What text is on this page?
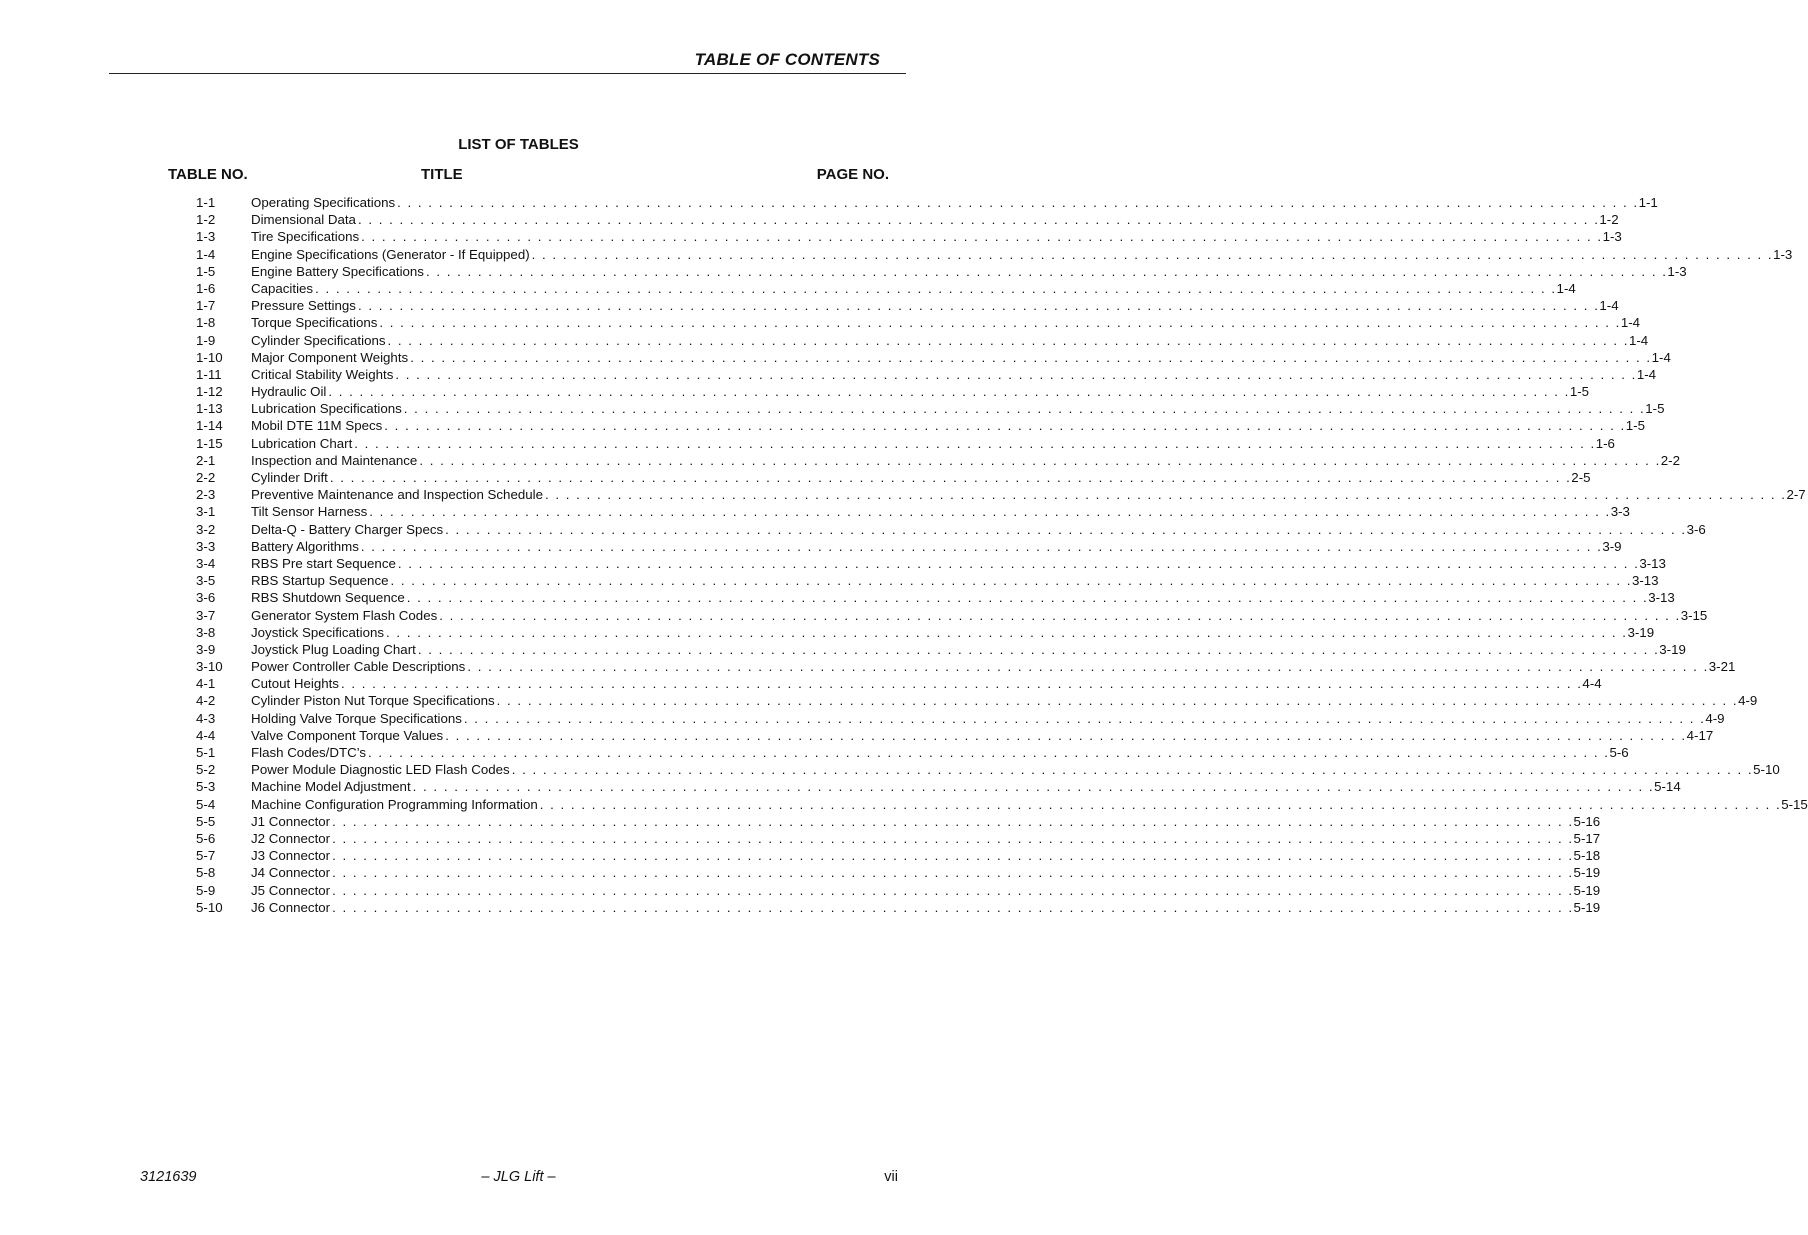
TABLE OF CONTENTS
LIST OF TABLES
TABLE NO.	TITLE	PAGE NO.
1-1	Operating Specifications . . . . . . . . . . . . . . . . . . . . . . . . . . . . . . . . . . . . . . . . . . . . . . . . . . . . . . . . . . . . . . . . . . . . . . . . . . . . . . . . . . . . . . . . . . . . . . . . . . . . . . . . . . . . . . . . . . . . . . . . 1-1
1-2	Dimensional Data . . . . . . . . . . . . . . . . . . . . . . . . . . . . . . . . . . . . . . . . . . . . . . . . . . . . . . . . . . . . . . . . . . . . . . . . . . . . . . . . . . . . . . . . . . . . . . . . . . . . . . . . . . . . . . . . . . . . . . . . 1-2
1-3	Tire Specifications . . . . . . . . . . . . . . . . . . . . . . . . . . . . . . . . . . . . . . . . . . . . . . . . . . . . . . . . . . . . . . . . . . . . . . . . . . . . . . . . . . . . . . . . . . . . . . . . . . . . . . . . . . . . . . . . . . . . . . . . 1-3
1-4	Engine Specifications (Generator - If Equipped) . . . . . . . . . . . . . . . . . . . . . . . . . . . . . . . . . . . . . . . . . . . . . . . . . . . . . . . . . . . . . . . . . . . . . . . . . . . . . . . . . . . . . . . . . . . . . . . . . . . . . . . . . . . . . . . . . . . . . . . . 1-3
1-5	Engine Battery Specifications . . . . . . . . . . . . . . . . . . . . . . . . . . . . . . . . . . . . . . . . . . . . . . . . . . . . . . . . . . . . . . . . . . . . . . . . . . . . . . . . . . . . . . . . . . . . . . . . . . . . . . . . . . . . . . . . . . . . . . . . 1-3
1-6	Capacities . . . . . . . . . . . . . . . . . . . . . . . . . . . . . . . . . . . . . . . . . . . . . . . . . . . . . . . . . . . . . . . . . . . . . . . . . . . . . . . . . . . . . . . . . . . . . . . . . . . . . . . . . . . . . . . . . . . . . . . . 1-4
1-7	Pressure Settings . . . . . . . . . . . . . . . . . . . . . . . . . . . . . . . . . . . . . . . . . . . . . . . . . . . . . . . . . . . . . . . . . . . . . . . . . . . . . . . . . . . . . . . . . . . . . . . . . . . . . . . . . . . . . . . . . . . . . . . . 1-4
1-8	Torque Specifications . . . . . . . . . . . . . . . . . . . . . . . . . . . . . . . . . . . . . . . . . . . . . . . . . . . . . . . . . . . . . . . . . . . . . . . . . . . . . . . . . . . . . . . . . . . . . . . . . . . . . . . . . . . . . . . . . . . . . . . . 1-4
1-9	Cylinder Specifications . . . . . . . . . . . . . . . . . . . . . . . . . . . . . . . . . . . . . . . . . . . . . . . . . . . . . . . . . . . . . . . . . . . . . . . . . . . . . . . . . . . . . . . . . . . . . . . . . . . . . . . . . . . . . . . . . . . . . . . . 1-4
1-10 Major Component Weights . . . . . . . . . . . . . . . . . . . . . . . . . . . . . . . . . . . . . . . . . . . . . . . . . . . . . . . . . . . . . . . . . . . . . . . . . . . . . . . . . . . . . . . . . . . . . . . . . . . . . . . . . . . . . . . . . . . . . . . . 1-4
1-11 Critical Stability Weights . . . . . . . . . . . . . . . . . . . . . . . . . . . . . . . . . . . . . . . . . . . . . . . . . . . . . . . . . . . . . . . . . . . . . . . . . . . . . . . . . . . . . . . . . . . . . . . . . . . . . . . . . . . . . . . . . . . . . . . . 1-4
1-12 Hydraulic Oil . . . . . . . . . . . . . . . . . . . . . . . . . . . . . . . . . . . . . . . . . . . . . . . . . . . . . . . . . . . . . . . . . . . . . . . . . . . . . . . . . . . . . . . . . . . . . . . . . . . . . . . . . . . . . . . . . . . . . . . . 1-5
1-13 Lubrication Specifications . . . . . . . . . . . . . . . . . . . . . . . . . . . . . . . . . . . . . . . . . . . . . . . . . . . . . . . . . . . . . . . . . . . . . . . . . . . . . . . . . . . . . . . . . . . . . . . . . . . . . . . . . . . . . . . . . . . . . . . . 1-5
1-14 Mobil DTE 11M Specs . . . . . . . . . . . . . . . . . . . . . . . . . . . . . . . . . . . . . . . . . . . . . . . . . . . . . . . . . . . . . . . . . . . . . . . . . . . . . . . . . . . . . . . . . . . . . . . . . . . . . . . . . . . . . . . . . . . . . . . . 1-5
1-15 Lubrication Chart . . . . . . . . . . . . . . . . . . . . . . . . . . . . . . . . . . . . . . . . . . . . . . . . . . . . . . . . . . . . . . . . . . . . . . . . . . . . . . . . . . . . . . . . . . . . . . . . . . . . . . . . . . . . . . . . . . . . . . . . 1-6
2-1	Inspection and Maintenance . . . . . . . . . . . . . . . . . . . . . . . . . . . . . . . . . . . . . . . . . . . . . . . . . . . . . . . . . . . . . . . . . . . . . . . . . . . . . . . . . . . . . . . . . . . . . . . . . . . . . . . . . . . . . . . . . . . . . . . . 2-2
2-2	Cylinder Drift . . . . . . . . . . . . . . . . . . . . . . . . . . . . . . . . . . . . . . . . . . . . . . . . . . . . . . . . . . . . . . . . . . . . . . . . . . . . . . . . . . . . . . . . . . . . . . . . . . . . . . . . . . . . . . . . . . . . . . . . 2-5
2-3	Preventive Maintenance and Inspection Schedule . . . . . . . . . . . . . . . . . . . . . . . . . . . . . . . . . . . . . . . . . . . . . . . . . . . . . . . . . . . . . . . . . . . . . . . . . . . . . . . . . . . . . . . . . . . . . . . . . . . . . . . . . . . . . . . . . . . . . . . . 2-7
3-1	Tilt Sensor Harness . . . . . . . . . . . . . . . . . . . . . . . . . . . . . . . . . . . . . . . . . . . . . . . . . . . . . . . . . . . . . . . . . . . . . . . . . . . . . . . . . . . . . . . . . . . . . . . . . . . . . . . . . . . . . . . . . . . . . . . . 3-3
3-2	Delta-Q - Battery Charger Specs . . . . . . . . . . . . . . . . . . . . . . . . . . . . . . . . . . . . . . . . . . . . . . . . . . . . . . . . . . . . . . . . . . . . . . . . . . . . . . . . . . . . . . . . . . . . . . . . . . . . . . . . . . . . . . . . . . . . . . . . 3-6
3-3	Battery Algorithms . . . . . . . . . . . . . . . . . . . . . . . . . . . . . . . . . . . . . . . . . . . . . . . . . . . . . . . . . . . . . . . . . . . . . . . . . . . . . . . . . . . . . . . . . . . . . . . . . . . . . . . . . . . . . . . . . . . . . . . . 3-9
3-4	RBS Pre start Sequence . . . . . . . . . . . . . . . . . . . . . . . . . . . . . . . . . . . . . . . . . . . . . . . . . . . . . . . . . . . . . . . . . . . . . . . . . . . . . . . . . . . . . . . . . . . . . . . . . . . . . . . . . . . . . . . . . . . . . . . . 3-13
3-5	RBS Startup Sequence . . . . . . . . . . . . . . . . . . . . . . . . . . . . . . . . . . . . . . . . . . . . . . . . . . . . . . . . . . . . . . . . . . . . . . . . . . . . . . . . . . . . . . . . . . . . . . . . . . . . . . . . . . . . . . . . . . . . . . . . 3-13
3-6	RBS Shutdown Sequence . . . . . . . . . . . . . . . . . . . . . . . . . . . . . . . . . . . . . . . . . . . . . . . . . . . . . . . . . . . . . . . . . . . . . . . . . . . . . . . . . . . . . . . . . . . . . . . . . . . . . . . . . . . . . . . . . . . . . . . . 3-13
3-7	Generator System Flash Codes . . . . . . . . . . . . . . . . . . . . . . . . . . . . . . . . . . . . . . . . . . . . . . . . . . . . . . . . . . . . . . . . . . . . . . . . . . . . . . . . . . . . . . . . . . . . . . . . . . . . . . . . . . . . . . . . . . . . . . . . 3-15
3-8	Joystick Specifications . . . . . . . . . . . . . . . . . . . . . . . . . . . . . . . . . . . . . . . . . . . . . . . . . . . . . . . . . . . . . . . . . . . . . . . . . . . . . . . . . . . . . . . . . . . . . . . . . . . . . . . . . . . . . . . . . . . . . . . . 3-19
3-9	Joystick Plug Loading Chart . . . . . . . . . . . . . . . . . . . . . . . . . . . . . . . . . . . . . . . . . . . . . . . . . . . . . . . . . . . . . . . . . . . . . . . . . . . . . . . . . . . . . . . . . . . . . . . . . . . . . . . . . . . . . . . . . . . . . . . . 3-19
3-10 Power Controller Cable Descriptions . . . . . . . . . . . . . . . . . . . . . . . . . . . . . . . . . . . . . . . . . . . . . . . . . . . . . . . . . . . . . . . . . . . . . . . . . . . . . . . . . . . . . . . . . . . . . . . . . . . . . . . . . . . . . . . . . . . . . . . . 3-21
4-1	Cutout Heights . . . . . . . . . . . . . . . . . . . . . . . . . . . . . . . . . . . . . . . . . . . . . . . . . . . . . . . . . . . . . . . . . . . . . . . . . . . . . . . . . . . . . . . . . . . . . . . . . . . . . . . . . . . . . . . . . . . . . . . . 4-4
4-2	Cylinder Piston Nut Torque Specifications . . . . . . . . . . . . . . . . . . . . . . . . . . . . . . . . . . . . . . . . . . . . . . . . . . . . . . . . . . . . . . . . . . . . . . . . . . . . . . . . . . . . . . . . . . . . . . . . . . . . . . . . . . . . . . . . . . . . . . . . 4-9
4-3	Holding Valve Torque Specifications . . . . . . . . . . . . . . . . . . . . . . . . . . . . . . . . . . . . . . . . . . . . . . . . . . . . . . . . . . . . . . . . . . . . . . . . . . . . . . . . . . . . . . . . . . . . . . . . . . . . . . . . . . . . . . . . . . . . . . . . 4-9
4-4	Valve Component Torque Values . . . . . . . . . . . . . . . . . . . . . . . . . . . . . . . . . . . . . . . . . . . . . . . . . . . . . . . . . . . . . . . . . . . . . . . . . . . . . . . . . . . . . . . . . . . . . . . . . . . . . . . . . . . . . . . . . . . . . . . . 4-17
5-1	Flash Codes/DTC’s . . . . . . . . . . . . . . . . . . . . . . . . . . . . . . . . . . . . . . . . . . . . . . . . . . . . . . . . . . . . . . . . . . . . . . . . . . . . . . . . . . . . . . . . . . . . . . . . . . . . . . . . . . . . . . . . . . . . . . . . 5-6
5-2	Power Module Diagnostic LED Flash Codes . . . . . . . . . . . . . . . . . . . . . . . . . . . . . . . . . . . . . . . . . . . . . . . . . . . . . . . . . . . . . . . . . . . . . . . . . . . . . . . . . . . . . . . . . . . . . . . . . . . . . . . . . . . . . . . . . . . . . . . . 5-10
5-3	Machine Model Adjustment . . . . . . . . . . . . . . . . . . . . . . . . . . . . . . . . . . . . . . . . . . . . . . . . . . . . . . . . . . . . . . . . . . . . . . . . . . . . . . . . . . . . . . . . . . . . . . . . . . . . . . . . . . . . . . . . . . . . . . . . 5-14
5-4	Machine Configuration Programming Information . . . . . . . . . . . . . . . . . . . . . . . . . . . . . . . . . . . . . . . . . . . . . . . . . . . . . . . . . . . . . . . . . . . . . . . . . . . . . . . . . . . . . . . . . . . . . . . . . . . . . . . . . . . . . . . . . . . . . . . . 5-15
5-5	J1 Connector . . . . . . . . . . . . . . . . . . . . . . . . . . . . . . . . . . . . . . . . . . . . . . . . . . . . . . . . . . . . . . . . . . . . . . . . . . . . . . . . . . . . . . . . . . . . . . . . . . . . . . . . . . . . . . . . . . . . . . . . 5-16
5-6	J2 Connector . . . . . . . . . . . . . . . . . . . . . . . . . . . . . . . . . . . . . . . . . . . . . . . . . . . . . . . . . . . . . . . . . . . . . . . . . . . . . . . . . . . . . . . . . . . . . . . . . . . . . . . . . . . . . . . . . . . . . . . . 5-17
5-7	J3 Connector . . . . . . . . . . . . . . . . . . . . . . . . . . . . . . . . . . . . . . . . . . . . . . . . . . . . . . . . . . . . . . . . . . . . . . . . . . . . . . . . . . . . . . . . . . . . . . . . . . . . . . . . . . . . . . . . . . . . . . . . 5-18
5-8	J4 Connector . . . . . . . . . . . . . . . . . . . . . . . . . . . . . . . . . . . . . . . . . . . . . . . . . . . . . . . . . . . . . . . . . . . . . . . . . . . . . . . . . . . . . . . . . . . . . . . . . . . . . . . . . . . . . . . . . . . . . . . . 5-19
5-9	J5 Connector . . . . . . . . . . . . . . . . . . . . . . . . . . . . . . . . . . . . . . . . . . . . . . . . . . . . . . . . . . . . . . . . . . . . . . . . . . . . . . . . . . . . . . . . . . . . . . . . . . . . . . . . . . . . . . . . . . . . . . . . 5-19
5-10 J6 Connector . . . . . . . . . . . . . . . . . . . . . . . . . . . . . . . . . . . . . . . . . . . . . . . . . . . . . . . . . . . . . . . . . . . . . . . . . . . . . . . . . . . . . . . . . . . . . . . . . . . . . . . . . . . . . . . . . . . . . . . . 5-19
3121639	– JLG Lift –	vii
